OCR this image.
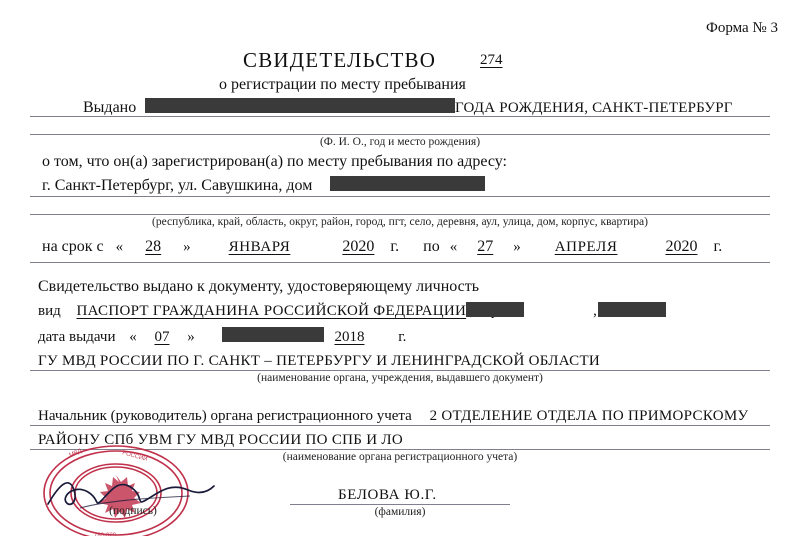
Форма № 3
СВИДЕТЕЛЬСТВО	274
о регистрации по месту пребывания
Выдано	ГОДА РОЖДЕНИЯ, САНКТ-ПЕТЕРБУРГ
(Ф. И. О., год и место рождения)
о том, что он(а) зарегистрирован(а) по месту пребывания по адресу:
г. Санкт-Петербург, ул. Савушкина, дом
(республика, край, область, округ, район, город, пгт, село, деревня, аул, улица, дом, корпус, квартира)
на срок с « 28 »	ЯНВАРЯ	2020 г. по « 27 » АПРЕЛЯ	2020 г.
Свидетельство выдано к документу, удостоверяющему личность
вид ПАСПОРТ ГРАЖДАНИНА РОССИЙСКОЙ ФЕДЕРАЦИИ	,
дата выдачи « 07 »	2018 г.
ГУ МВД РОССИИ ПО Г. САНКТ – ПЕТЕРБУРГУ И ЛЕНИНГРАДСКОЙ ОБЛАСТИ
(наименование органа, учреждения, выдавшего документ)
Начальник (руководитель) органа регистрационного учета 2 ОТДЕЛЕНИЕ ОТДЕЛА ПО ПРИМОРСКОМУ
РАЙОНУ СПб УВМ ГУ МВД РОССИИ ПО СПБ И ЛО
(наименование органа регистрационного учета)
МВД	РОССИИ
780-029
(подпись)
БЕЛОВА Ю.Г.
(фамилия)
